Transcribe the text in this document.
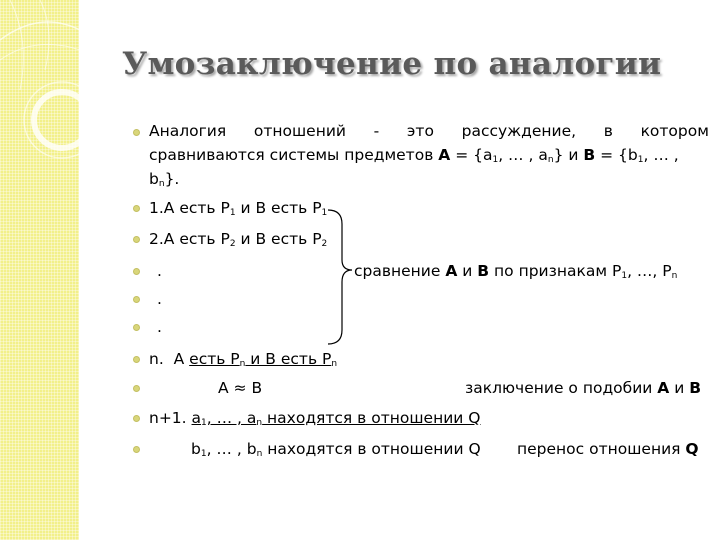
Умозаключение по аналогии
Аналогия отношений - это рассуждение, в котором
сравниваются системы предметов $А = \{a_1$, … , $a_n$} и $В = \{b_1$, … ,
$b_n$}.
1.А есть $P_1$ и В есть $P_1$
2.А есть $P_2$ и В есть $P_2$
.
.
.
сравнение А и В по признакам $P_1$, …, $P_n$
n. А есть $P_n$ и В есть $P_n$
А ≈ В	заключение о подобии А и В
n+1. $a_1$, … , $a_n$ находятся в отношении Q
$b_1$, … , $b_n$ находятся в отношении Q перенос отношения Q
